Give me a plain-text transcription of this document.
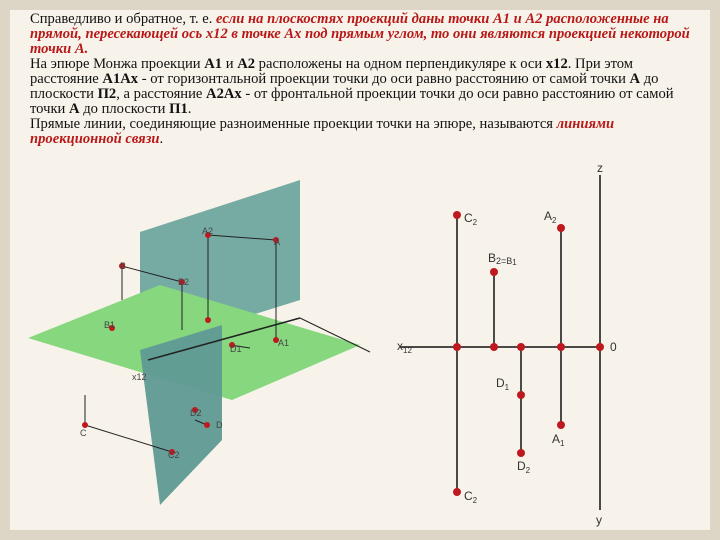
Справедливо и обратное, т. е. если на плоскостях проекций даны точки A1 и A2 расположенные на прямой, пересекающей ось x12 в точке Ax под прямым углом, то они являются проекцией некоторой точки A.

На эпюре Монжа проекции A1 и A2 расположены на одном перпендикуляре к оси x12. При этом расстояние A1Ax - от горизонтальной проекции точки до оси равно расстоянию от самой точки A до плоскости П2, а расстояние A2Ax - от фронтальной проекции точки до оси равно расстоянию от самой точки A до плоскости П1.

Прямые линии, соединяющие разноименные проекции точки на эпюре, называются линиями проекционной связи.

A
B
C
D
x12
A2
B2
A1
D1
D2
C2
B1
$x_{12}$	0
z
y
$C_2$	$A_2$
B2=B1
$D_1$
$A_1$
$D_2$
$C_2$
